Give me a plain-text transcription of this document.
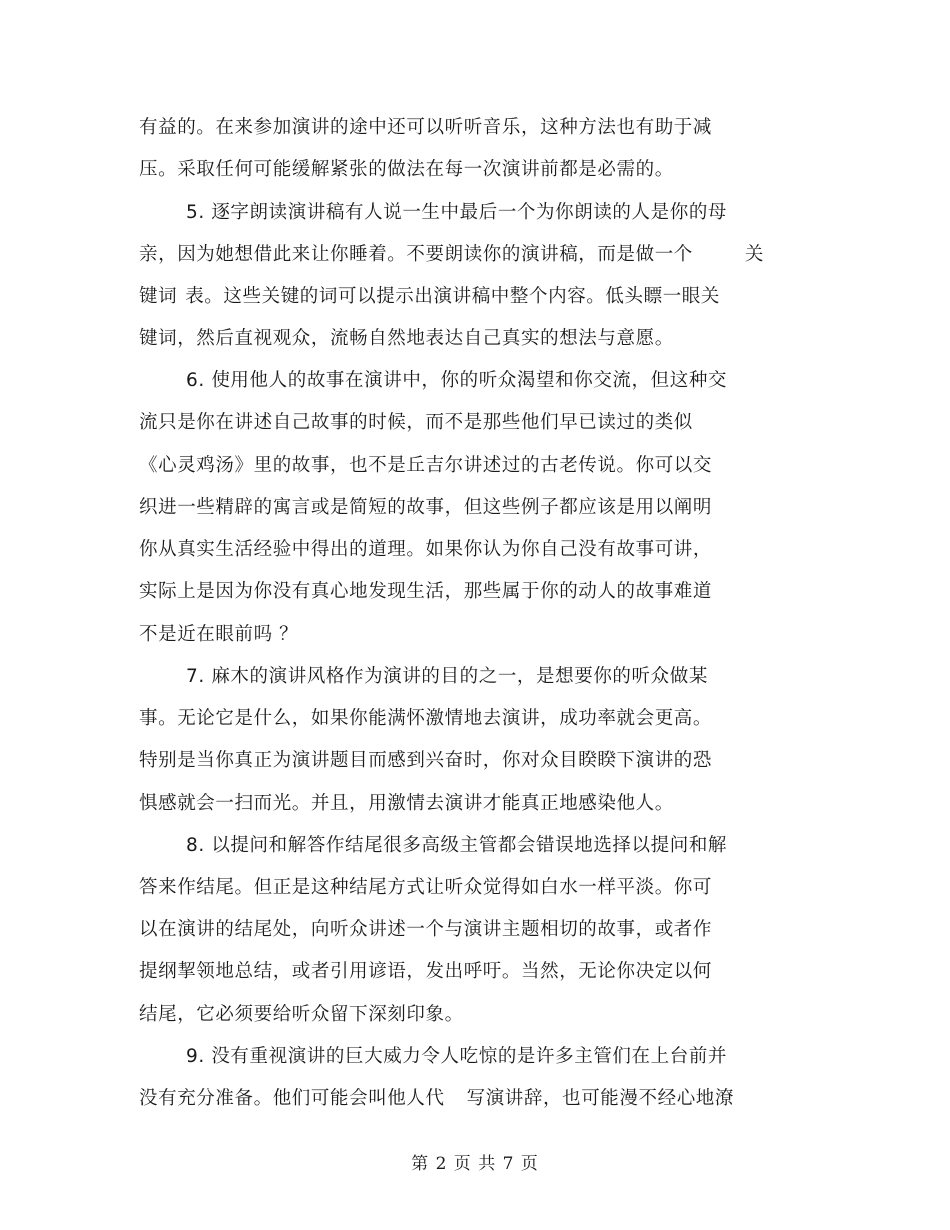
有益的。在来参加演讲的途中还可以听听音乐，这种方法也有助于减
压。采取任何可能缓解紧张的做法在每一次演讲前都是必需的。
5. 逐字朗读演讲稿有人说一生中最后一个为你朗读的人是你的母
亲，因为她想借此来让你睡着。不要朗读你的演讲稿，而是做一个	关
键词 表。这些关键的词可以提示出演讲稿中整个内容。低头瞟一眼关
键词，然后直视观众，流畅自然地表达自己真实的想法与意愿。
6. 使用他人的故事在演讲中，你的听众渴望和你交流，但这种交
流只是你在讲述自己故事的时候，而不是那些他们早已读过的类似
《心灵鸡汤》里的故事，也不是丘吉尔讲述过的古老传说。你可以交
织进一些精辟的寓言或是简短的故事，但这些例子都应该是用以阐明
你从真实生活经验中得出的道理。如果你认为你自己没有故事可讲，
实际上是因为你没有真心地发现生活，那些属于你的动人的故事难道
不是近在眼前吗 ？
7. 麻木的演讲风格作为演讲的目的之一，是想要你的听众做某
事。无论它是什么，如果你能满怀激情地去演讲，成功率就会更高。
特别是当你真正为演讲题目而感到兴奋时，你对众目睽睽下演讲的恐
惧感就会一扫而光。并且，用激情去演讲才能真正地感染他人。
8. 以提问和解答作结尾很多高级主管都会错误地选择以提问和解
答来作结尾。但正是这种结尾方式让听众觉得如白水一样平淡。你可
以在演讲的结尾处，向听众讲述一个与演讲主题相切的故事，或者作
提纲挈领地总结，或者引用谚语，发出呼吁。当然，无论你决定以何
结尾，它必须要给听众留下深刻印象。
9. 没有重视演讲的巨大威力令人吃惊的是许多主管们在上台前并
没有充分准备。他们可能会叫他人代 写演讲辞，也可能漫不经心地潦
第 2 页 共 7 页
